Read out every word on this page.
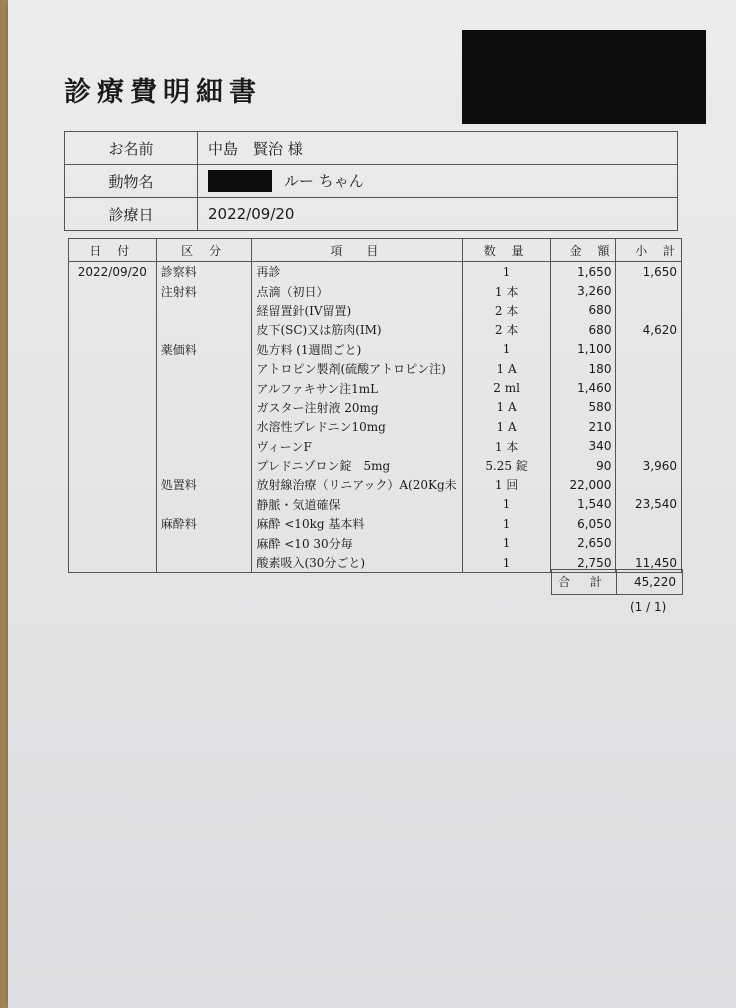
診療費明細書
お名前	中島　賢治 様
動物名	ルー ちゃん
診療日	2022/09/20
日 付	区 分	項　目	数 量	金 額	小 計
2022/09/20	診察料	再診	1	1,650	1,650
	注射料	点滴（初日）	1 本	3,260	
		経留置針(IV留置)	2 本	680	
		皮下(SC)又は筋肉(IM)	2 本	680	4,620
	薬価料	処方料 (1週間ごと)	1	1,100	
		アトロピン製剤(硫酸アトロピン注)	1 A	180	
		アルファキサン注1mL	2 ml	1,460	
		ガスター注射液 20mg	1 A	580	
		水溶性プレドニン10mg	1 A	210	
		ヴィーンF	1 本	340	
		プレドニゾロン錠　5mg	5.25 錠	90	3,960
	処置料	放射線治療（リニアック）A(20Kg未	1 回	22,000	
		静脈・気道確保	1	1,540	23,540
	麻酔料	麻酔 <10kg 基本料	1	6,050	
		麻酔 <10 30分毎	1	2,650	
		酸素吸入(30分ごと)	1	2,750	11,450
合 計	45,220
(1 / 1)
